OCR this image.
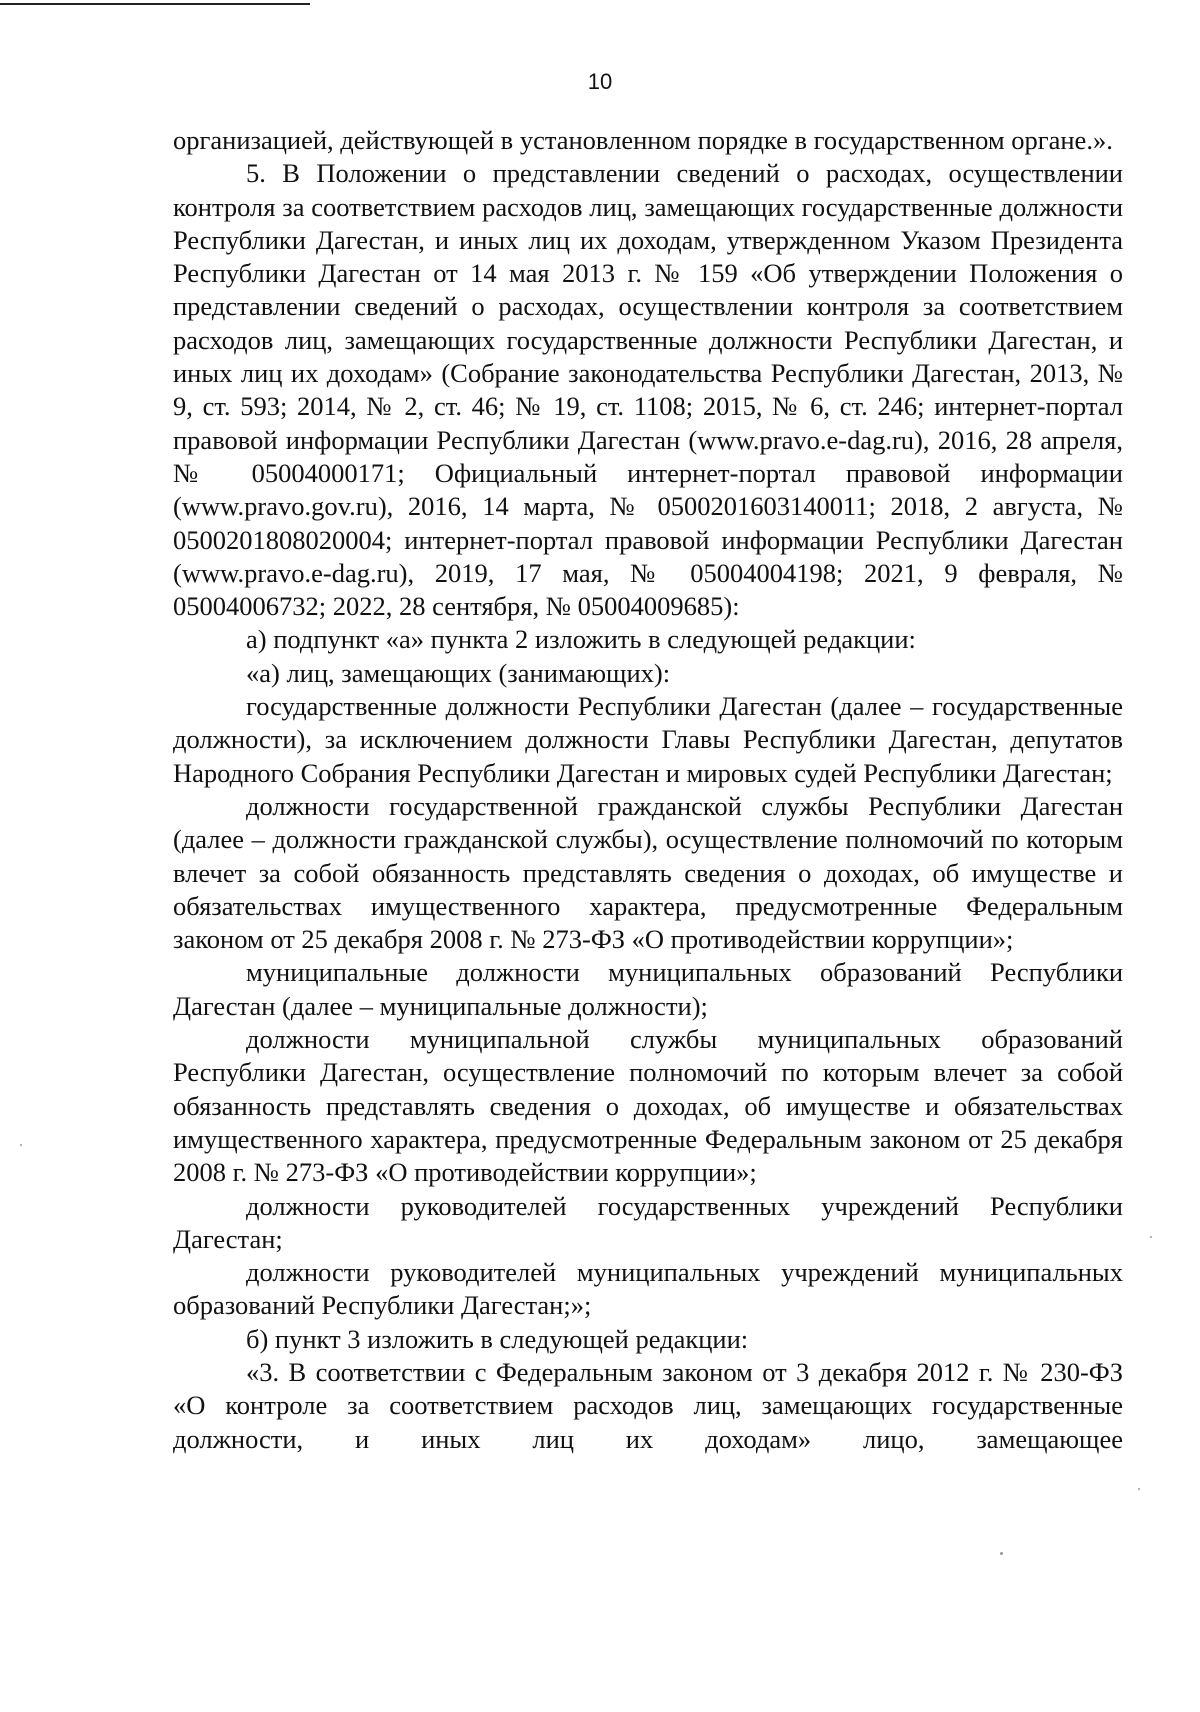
10

организацией, действующей в установленном порядке в государственном органе.».

5. В Положении о представлении сведений о расходах, осуществлении контроля за соответствием расходов лиц, замещающих государственные должности Республики Дагестан, и иных лиц их доходам, утвержденном Указом Президента Республики Дагестан от 14 мая 2013 г. № 159 «Об утверждении Положения о представлении сведений о расходах, осуществлении контроля за соответствием расходов лиц, замещающих государственные должности Республики Дагестан, и иных лиц их доходам» (Собрание законодательства Республики Дагестан, 2013, № 9, ст. 593; 2014, № 2, ст. 46; № 19, ст. 1108; 2015, № 6, ст. 246; интернет-портал правовой информации Республики Дагестан (www.pravo.e-dag.ru), 2016, 28 апреля, № 05004000171; Официальный интернет-портал правовой информации (www.pravo.gov.ru), 2016, 14 марта, № 0500201603140011; 2018, 2 августа, № 0500201808020004; интернет-портал правовой информации Республики Дагестан (www.pravo.e-dag.ru), 2019, 17 мая, № 05004004198; 2021, 9 февраля, № 05004006732; 2022, 28 сентября, № 05004009685):

а) подпункт «а» пункта 2 изложить в следующей редакции:

«а) лиц, замещающих (занимающих):

государственные должности Республики Дагестан (далее – государственные должности), за исключением должности Главы Республики Дагестан, депутатов Народного Собрания Республики Дагестан и мировых судей Республики Дагестан;

должности государственной гражданской службы Республики Дагестан (далее – должности гражданской службы), осуществление полномочий по которым влечет за собой обязанность представлять сведения о доходах, об имуществе и обязательствах имущественного характера, предусмотренные Федеральным законом от 25 декабря 2008 г. № 273-ФЗ «О противодействии коррупции»;

муниципальные должности муниципальных образований Республики Дагестан (далее – муниципальные должности);

должности муниципальной службы муниципальных образований Республики Дагестан, осуществление полномочий по которым влечет за собой обязанность представлять сведения о доходах, об имуществе и обязательствах имущественного характера, предусмотренные Федеральным законом от 25 декабря 2008 г. № 273-ФЗ «О противодействии коррупции»;

должности руководителей государственных учреждений Республики Дагестан;

должности руководителей муниципальных учреждений муниципальных образований Республики Дагестан;»;

б) пункт 3 изложить в следующей редакции:

«3. В соответствии с Федеральным законом от 3 декабря 2012 г. № 230-ФЗ «О контроле за соответствием расходов лиц, замещающих государственные должности, и иных лиц их доходам» лицо, замещающее
